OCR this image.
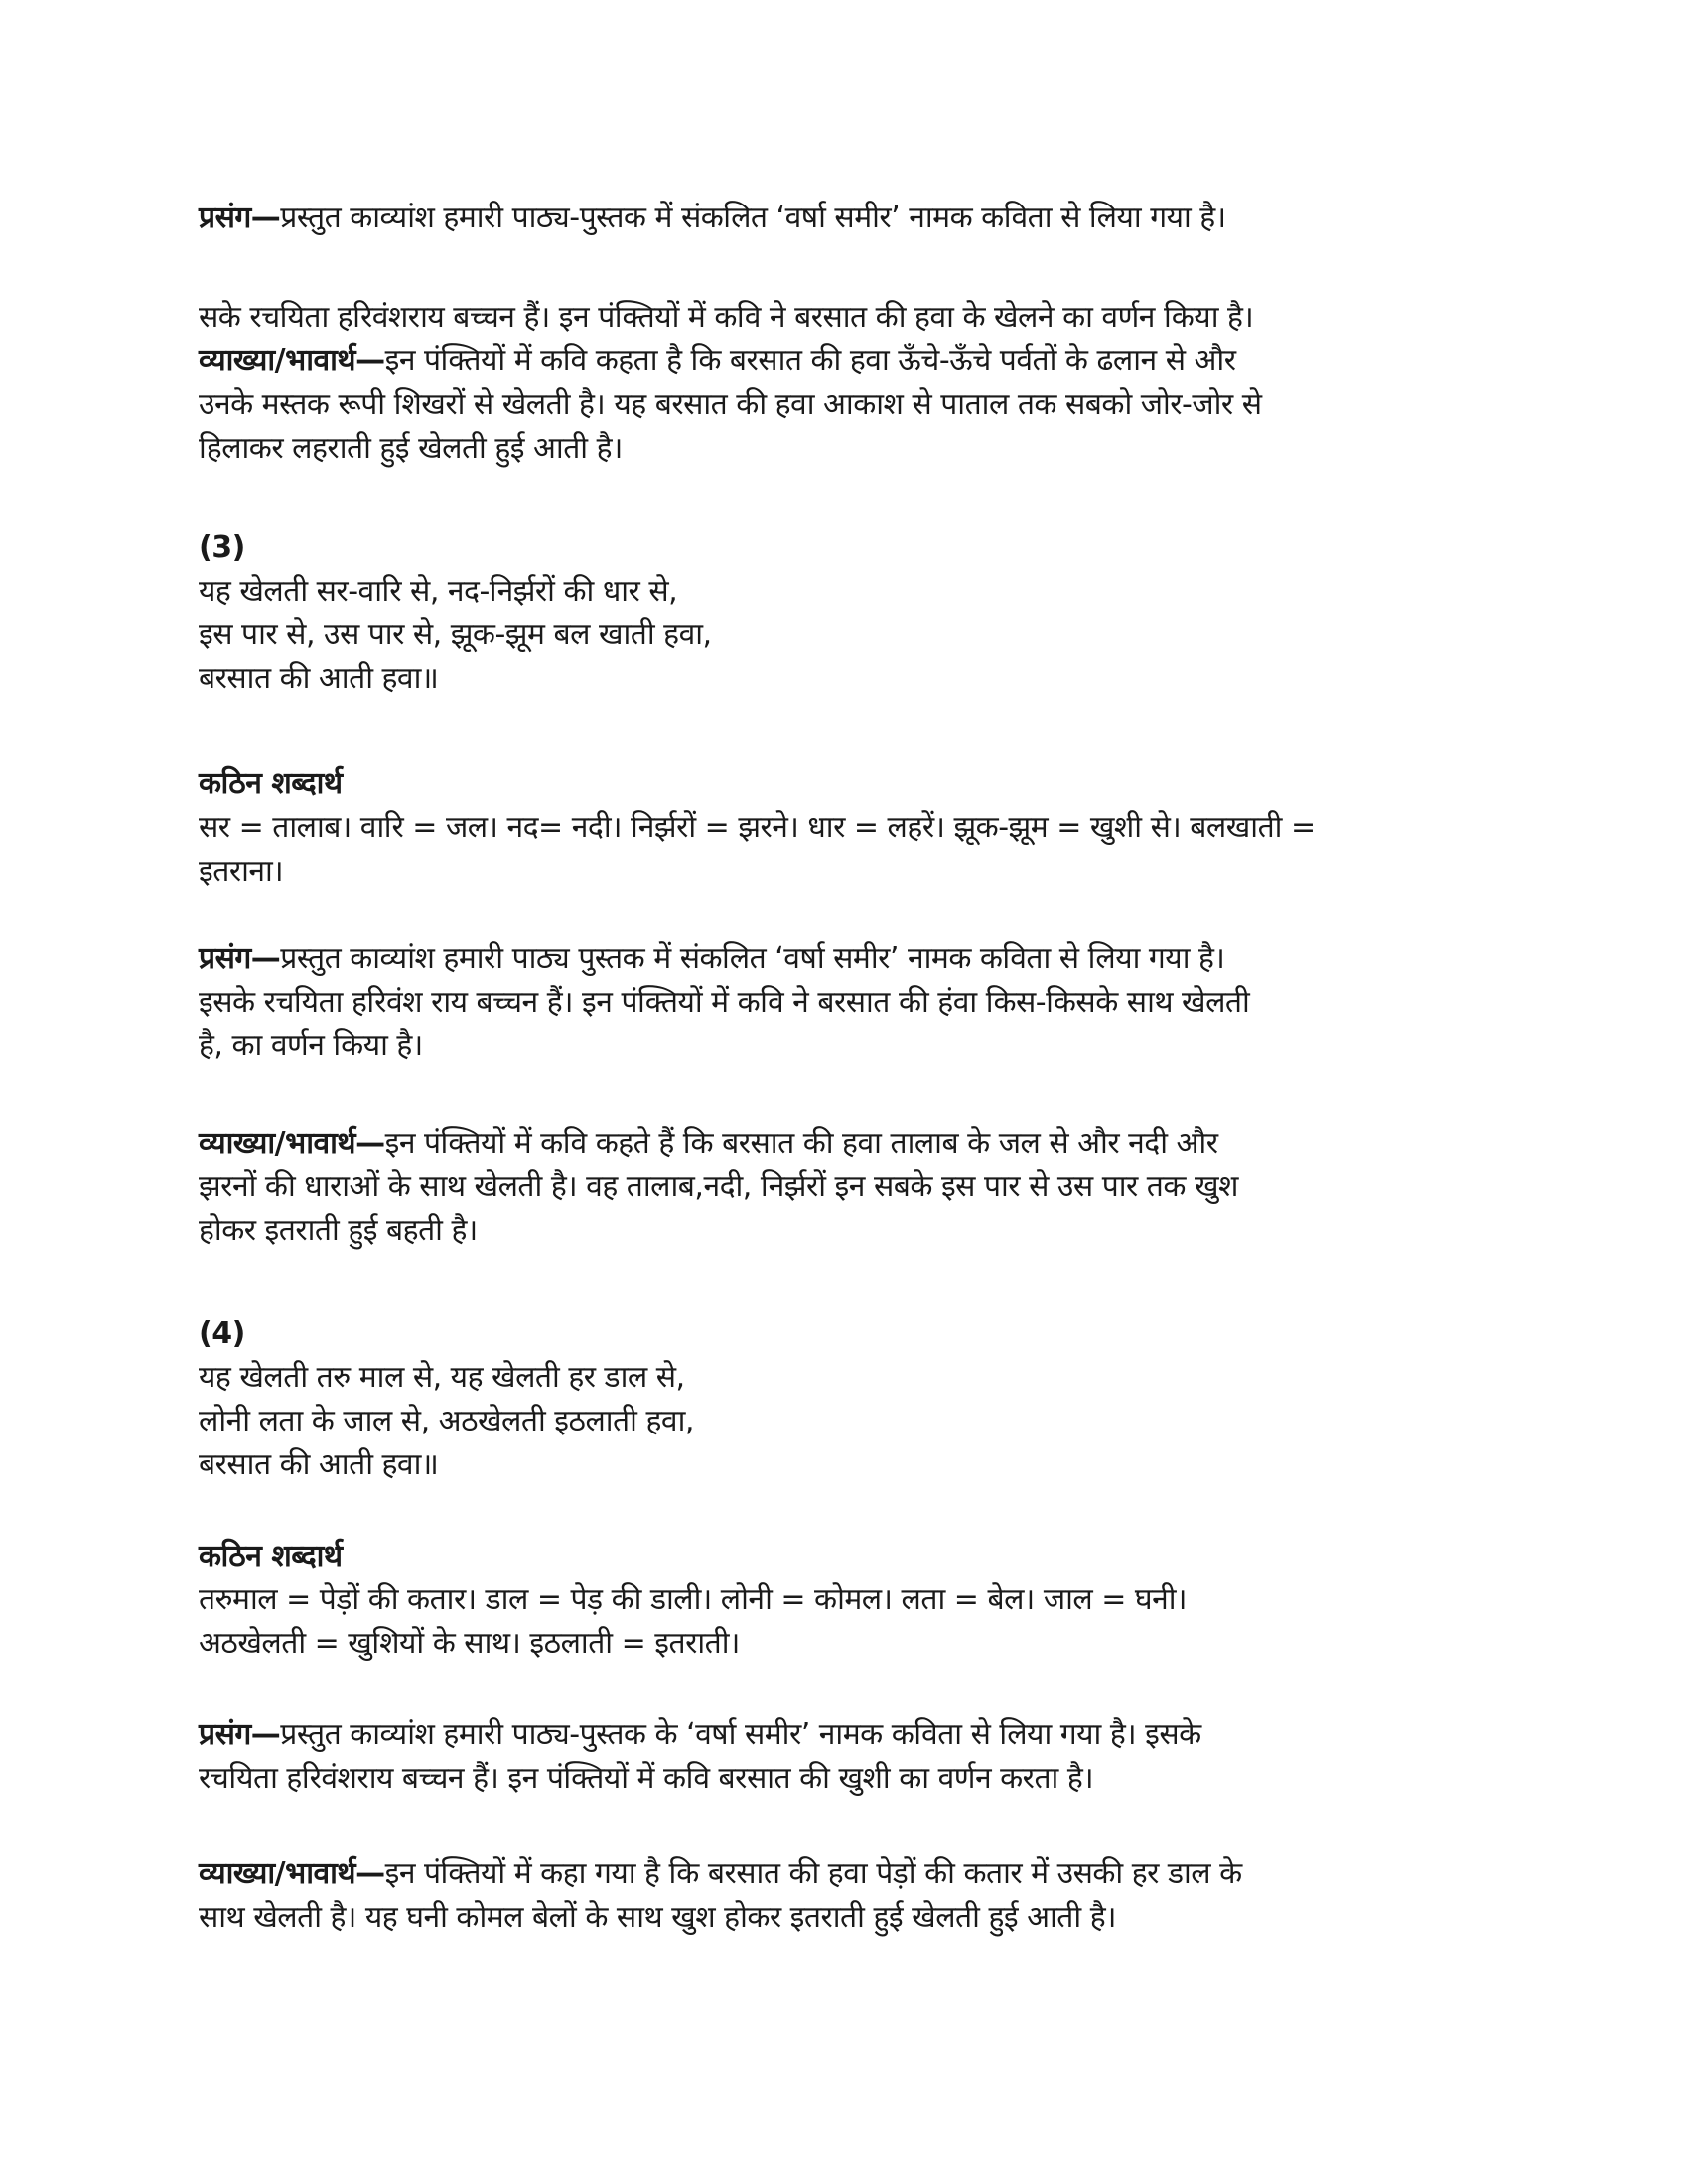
प्रसंग—प्रस्तुत काव्यांश हमारी पाठ्य-पुस्तक में संकलित ‘वर्षा समीर’ नामक कविता से लिया गया है।
सके रचयिता हरिवंशराय बच्चन हैं। इन पंक्तियों में कवि ने बरसात की हवा के खेलने का वर्णन किया है।
व्याख्या/भावार्थ—इन पंक्तियों में कवि कहता है कि बरसात की हवा ऊँचे-ऊँचे पर्वतों के ढलान से और
उनके मस्तक रूपी शिखरों से खेलती है। यह बरसात की हवा आकाश से पाताल तक सबको जोर-जोर से
हिलाकर लहराती हुई खेलती हुई आती है।
(3)
यह खेलती सर-वारि से, नद-निर्झरों की धार से,
इस पार से, उस पार से, झूक-झूम बल खाती हवा,
बरसात की आती हवा॥
कठिन शब्दार्थ
सर = तालाब। वारि = जल। नद= नदी। निर्झरों = झरने। धार = लहरें। झूक-झूम = खुशी से। बलखाती =
इतराना।
प्रसंग—प्रस्तुत काव्यांश हमारी पाठ्य पुस्तक में संकलित ‘वर्षा समीर’ नामक कविता से लिया गया है।
इसके रचयिता हरिवंश राय बच्चन हैं। इन पंक्तियों में कवि ने बरसात की हंवा किस-किसके साथ खेलती
है, का वर्णन किया है।
व्याख्या/भावार्थ—इन पंक्तियों में कवि कहते हैं कि बरसात की हवा तालाब के जल से और नदी और
झरनों की धाराओं के साथ खेलती है। वह तालाब,नदी, निर्झरों इन सबके इस पार से उस पार तक खुश
होकर इतराती हुई बहती है।
(4)
यह खेलती तरु माल से, यह खेलती हर डाल से,
लोनी लता के जाल से, अठखेलती इठलाती हवा,
बरसात की आती हवा॥
कठिन शब्दार्थ
तरुमाल = पेड़ों की कतार। डाल = पेड़ की डाली। लोनी = कोमल। लता = बेल। जाल = घनी।
अठखेलती = खुशियों के साथ। इठलाती = इतराती।
प्रसंग—प्रस्तुत काव्यांश हमारी पाठ्य-पुस्तक के ‘वर्षा समीर’ नामक कविता से लिया गया है। इसके
रचयिता हरिवंशराय बच्चन हैं। इन पंक्तियों में कवि बरसात की खुशी का वर्णन करता है।
व्याख्या/भावार्थ—इन पंक्तियों में कहा गया है कि बरसात की हवा पेड़ों की कतार में उसकी हर डाल के
साथ खेलती है। यह घनी कोमल बेलों के साथ खुश होकर इतराती हुई खेलती हुई आती है।
